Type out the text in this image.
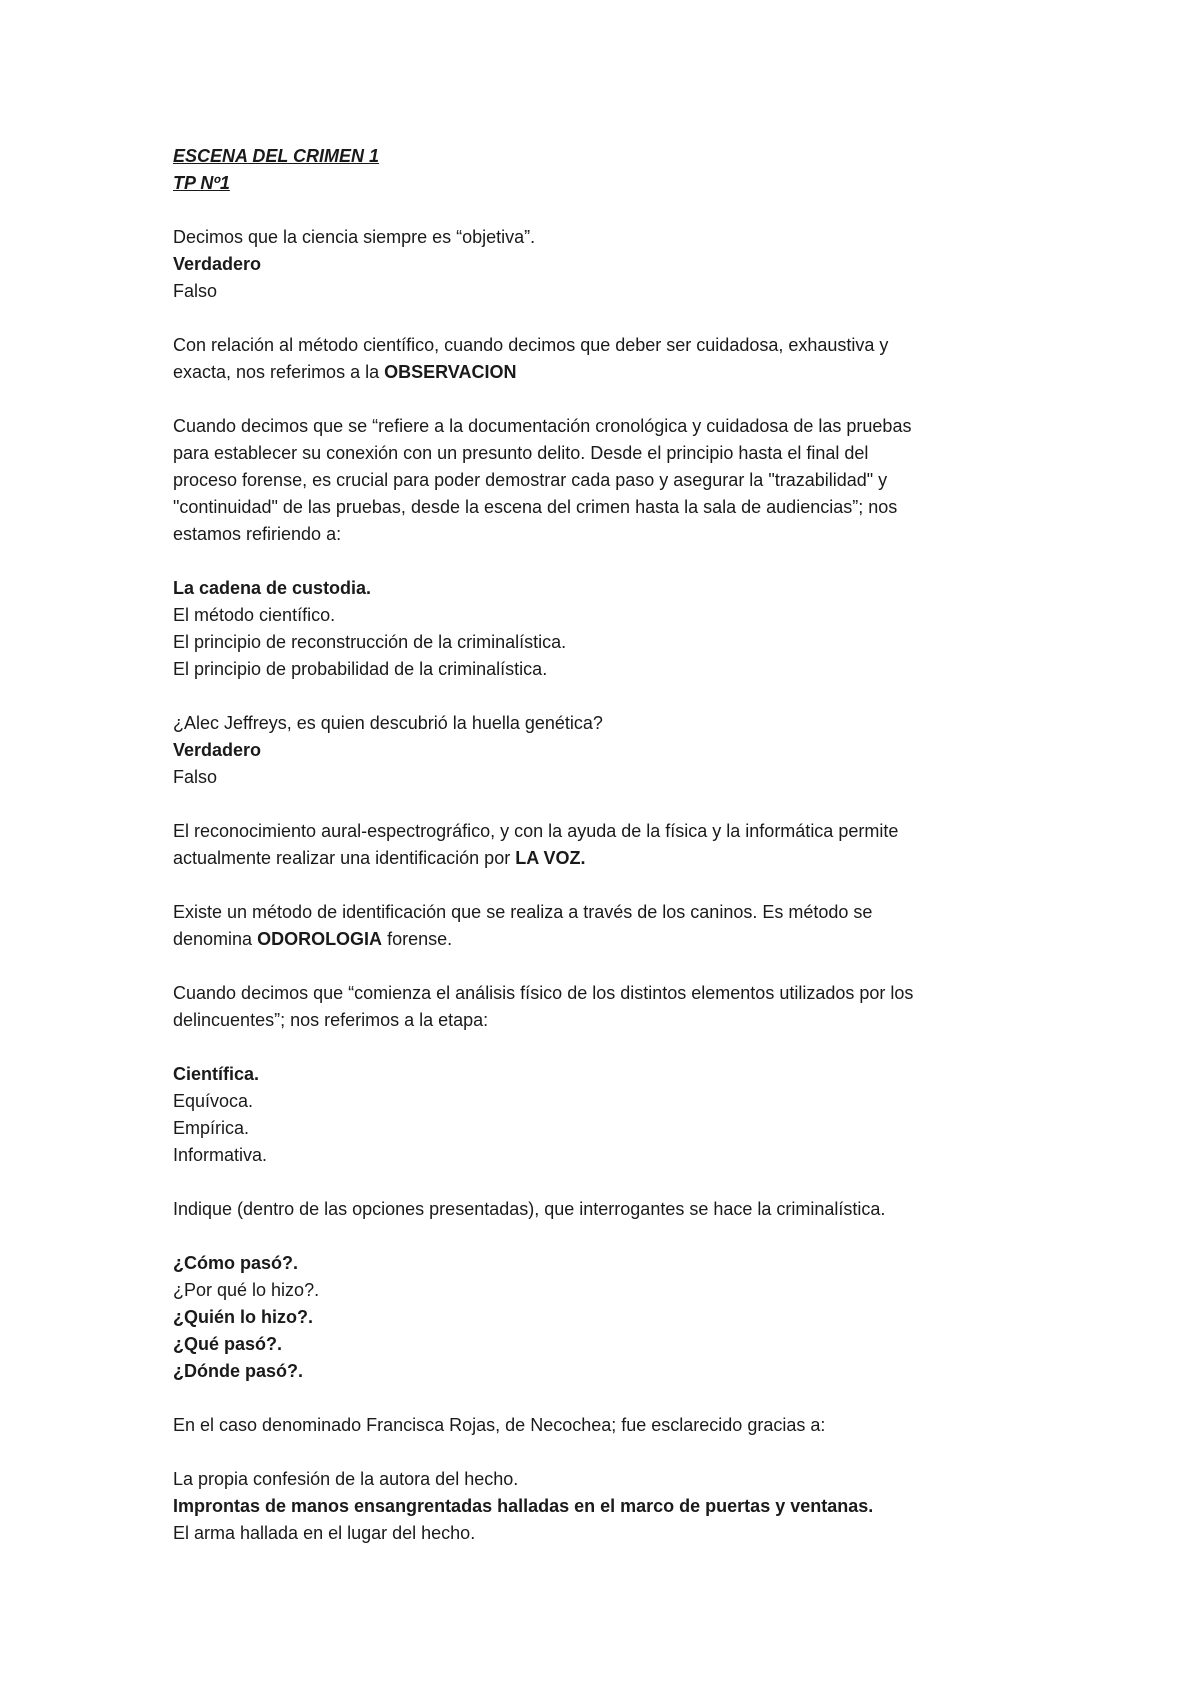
ESCENA DEL CRIMEN 1
TP Nº1
Decimos que la ciencia siempre es “objetiva”.
Verdadero
Falso
Con relación al método científico, cuando decimos que deber ser cuidadosa, exhaustiva y
exacta, nos referimos a la OBSERVACION
Cuando decimos que se “refiere a la documentación cronológica y cuidadosa de las pruebas
para establecer su conexión con un presunto delito. Desde el principio hasta el final del
proceso forense, es crucial para poder demostrar cada paso y asegurar la "trazabilidad" y
"continuidad" de las pruebas, desde la escena del crimen hasta la sala de audiencias”; nos
estamos refiriendo a:
La cadena de custodia.
El método científico.
El principio de reconstrucción de la criminalística.
El principio de probabilidad de la criminalística.
¿Alec Jeffreys, es quien descubrió la huella genética?
Verdadero
Falso
El reconocimiento aural-espectrográfico, y con la ayuda de la física y la informática permite
actualmente realizar una identificación por LA VOZ.
Existe un método de identificación que se realiza a través de los caninos. Es método se
denomina ODOROLOGIA forense.
Cuando decimos que “comienza el análisis físico de los distintos elementos utilizados por los
delincuentes”; nos referimos a la etapa:
Científica.
Equívoca.
Empírica.
Informativa.
Indique (dentro de las opciones presentadas), que interrogantes se hace la criminalística.
¿Cómo pasó?.
¿Por qué lo hizo?.
¿Quién lo hizo?.
¿Qué pasó?.
¿Dónde pasó?.
En el caso denominado Francisca Rojas, de Necochea; fue esclarecido gracias a:
La propia confesión de la autora del hecho.
Improntas de manos ensangrentadas halladas en el marco de puertas y ventanas.
El arma hallada en el lugar del hecho.
